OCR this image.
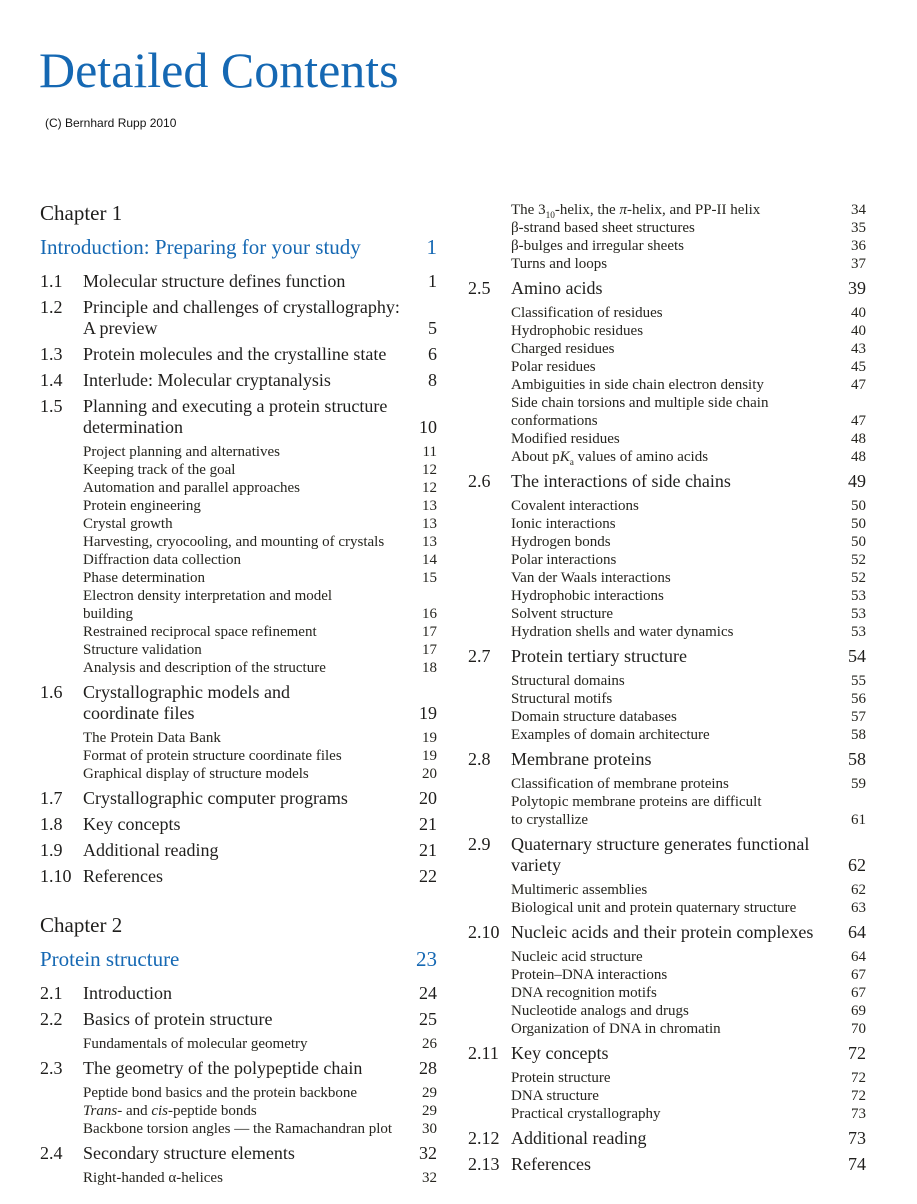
Detailed Contents
(C) Bernhard Rupp 2010
Chapter 1
Introduction: Preparing for your study	1
1.1	Molecular structure defines function	1
1.2	Principle and challenges of crystallography:
A preview	5
1.3	Protein molecules and the crystalline state	6
1.4	Interlude: Molecular cryptanalysis	8
1.5	Planning and executing a protein structure
determination	10
Project planning and alternatives	11
Keeping track of the goal	12
Automation and parallel approaches	12
Protein engineering	13
Crystal growth	13
Harvesting, cryocooling, and mounting of crystals	13
Diffraction data collection	14
Phase determination	15
Electron density interpretation and model
building	16
Restrained reciprocal space refinement	17
Structure validation	17
Analysis and description of the structure	18
1.6	Crystallographic models and
coordinate files	19
The Protein Data Bank	19
Format of protein structure coordinate files	19
Graphical display of structure models	20
1.7	Crystallographic computer programs	20
1.8	Key concepts	21
1.9	Additional reading	21
1.10 References	22
Chapter 2
Protein structure	23
2.1	Introduction	24
2.2	Basics of protein structure	25
Fundamentals of molecular geometry	26
2.3	The geometry of the polypeptide chain	28
Peptide bond basics and the protein backbone	29
Trans- and cis-peptide bonds	29
Backbone torsion angles — the Ramachandran plot	30
2.4	Secondary structure elements	32
Right-handed α-helices	32
The $3_{10}$-helix, the π-helix, and PP-II helix	34
β-strand based sheet structures	35
β-bulges and irregular sheets	36
Turns and loops	37
2.5	Amino acids	39
Classification of residues	40
Hydrophobic residues	40
Charged residues	43
Polar residues	45
Ambiguities in side chain electron density	47
Side chain torsions and multiple side chain
conformations	47
Modified residues	48
About $pK_a$ values of amino acids	48
2.6	The interactions of side chains	49
Covalent interactions	50
Ionic interactions	50
Hydrogen bonds	50
Polar interactions	52
Van der Waals interactions	52
Hydrophobic interactions	53
Solvent structure	53
Hydration shells and water dynamics	53
2.7	Protein tertiary structure	54
Structural domains	55
Structural motifs	56
Domain structure databases	57
Examples of domain architecture	58
2.8	Membrane proteins	58
Classification of membrane proteins	59
Polytopic membrane proteins are difficult
to crystallize	61
2.9	Quaternary structure generates functional
variety	62
Multimeric assemblies	62
Biological unit and protein quaternary structure	63
2.10 Nucleic acids and their protein complexes	64
Nucleic acid structure	64
Protein–DNA interactions	67
DNA recognition motifs	67
Nucleotide analogs and drugs	69
Organization of DNA in chromatin	70
2.11 Key concepts	72
Protein structure	72
DNA structure	72
Practical crystallography	73
2.12 Additional reading	73
2.13 References	74
